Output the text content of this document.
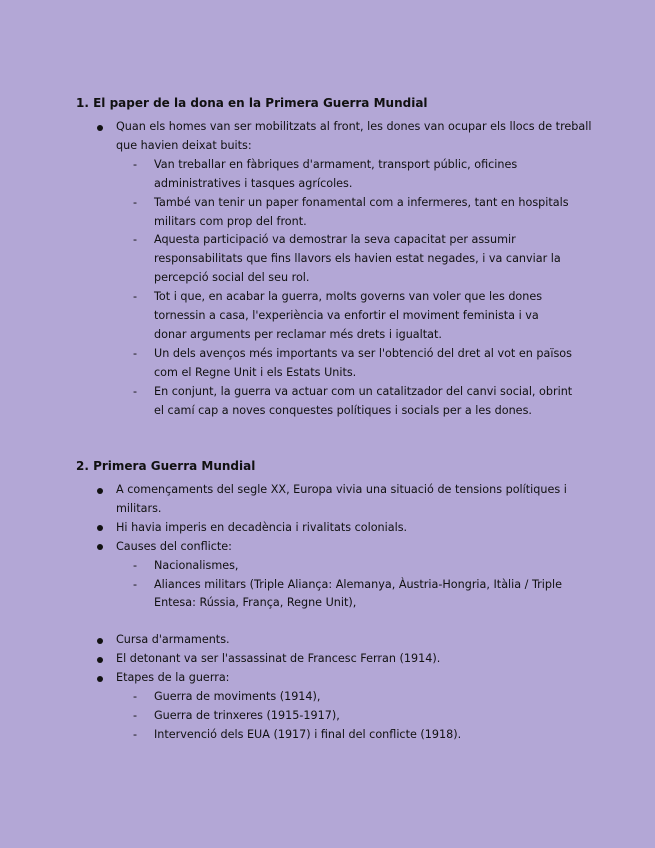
1. El paper de la dona en la Primera Guerra Mundial
Quan els homes van ser mobilitzats al front, les dones van ocupar els llocs de treball que havien deixat buits:
- Van treballar en fàbriques d'armament, transport públic, oficines administratives i tasques agrícoles.
- També van tenir un paper fonamental com a infermeres, tant en hospitals militars com prop del front.
- Aquesta participació va demostrar la seva capacitat per assumir responsabilitats que fins llavors els havien estat negades, i va canviar la percepció social del seu rol.
- Tot i que, en acabar la guerra, molts governs van voler que les dones tornessin a casa, l'experiència va enfortir el moviment feminista i va donar arguments per reclamar més drets i igualtat.
- Un dels avenços més importants va ser l'obtenció del dret al vot en països com el Regne Unit i els Estats Units.
- En conjunt, la guerra va actuar com un catalitzador del canvi social, obrint el camí cap a noves conquestes polítiques i socials per a les dones.
2. Primera Guerra Mundial
A començaments del segle XX, Europa vivia una situació de tensions polítiques i militars.
Hi havia imperis en decadència i rivalitats colonials.
Causes del conflicte:
- Nacionalismes,
- Aliances militars (Triple Aliança: Alemanya, Àustria-Hongria, Itàlia / Triple Entesa: Rússia, França, Regne Unit),
Cursa d'armaments.
El detonant va ser l'assassinat de Francesc Ferran (1914).
Etapes de la guerra:
- Guerra de moviments (1914),
- Guerra de trinxeres (1915-1917),
- Intervenció dels EUA (1917) i final del conflicte (1918).
